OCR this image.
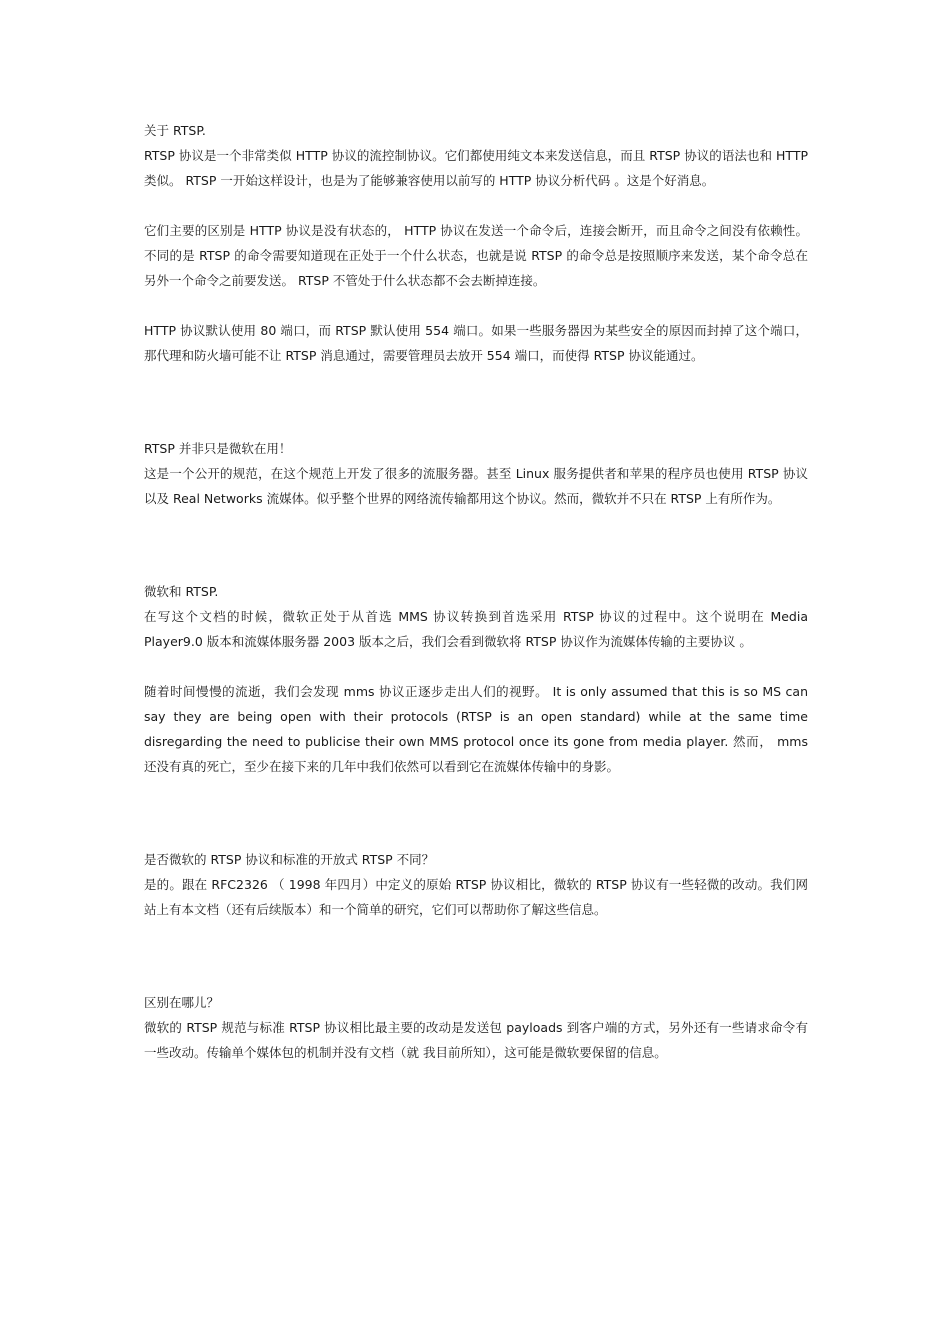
关于 RTSP.
RTSP 协议是一个非常类似 HTTP 协议的流控制协议。它们都使用纯文本来发送信息，而且 RTSP 协议的语法也和 HTTP 类似。 RTSP 一开始这样设计，也是为了能够兼容使用以前写的 HTTP 协议分析代码 。这是个好消息。
它们主要的区别是 HTTP 协议是没有状态的， HTTP 协议在发送一个命令后，连接会断开，而且命令之间没有依赖性。不同的是 RTSP 的命令需要知道现在正处于一个什么状态，也就是说 RTSP 的命令总是按照顺序来发送，某个命令总在另外一个命令之前要发送。 RTSP 不管处于什么状态都不会去断掉连接。
HTTP 协议默认使用 80 端口，而 RTSP 默认使用 554 端口。如果一些服务器因为某些安全的原因而封掉了这个端口，那代理和防火墙可能不让 RTSP 消息通过，需要管理员去放开 554 端口，而使得 RTSP 协议能通过。
RTSP 并非只是微软在用！
这是一个公开的规范，在这个规范上开发了很多的流服务器。甚至 Linux 服务提供者和苹果的程序员也使用 RTSP 协议以及 Real Networks 流媒体。似乎整个世界的网络流传输都用这个协议。然而，微软并不只在 RTSP 上有所作为。
微软和 RTSP.
在写这个文档的时候，微软正处于从首选 MMS 协议转换到首选采用 RTSP 协议的过程中。这个说明在 Media Player9.0 版本和流媒体服务器 2003 版本之后，我们会看到微软将 RTSP 协议作为流媒体传输的主要协议 。
随着时间慢慢的流逝，我们会发现 mms 协议正逐步走出人们的视野。 It is only assumed that this is so MS can say they are being open with their protocols (RTSP is an open standard) while at the same time disregarding the need to publicise their own MMS protocol once its gone from media player. 然而， mms 还没有真的死亡，至少在接下来的几年中我们依然可以看到它在流媒体传输中的身影。
是否微软的 RTSP 协议和标准的开放式 RTSP 不同？
是的。跟在 RFC2326 （ 1998 年四月）中定义的原始 RTSP 协议相比，微软的 RTSP 协议有一些轻微的改动。我们网站上有本文档（还有后续版本）和一个简单的研究，它们可以帮助你了解这些信息。
区别在哪儿？
微软的 RTSP 规范与标准 RTSP 协议相比最主要的改动是发送包 payloads 到客户端的方式，另外还有一些请求命令有一些改动。传输单个媒体包的机制并没有文档（就 我目前所知），这可能是微软要保留的信息。
